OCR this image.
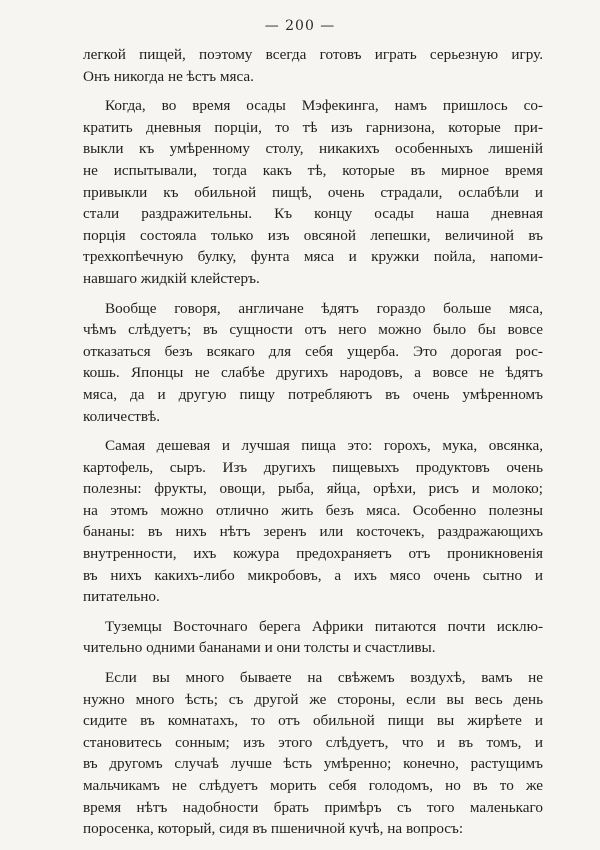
— 200 —
легкой пищей, поэтому всегда готовъ играть серьезную игру.
Онъ никогда не ѣстъ мяса.
Когда, во время осады Мэфекинга, намъ пришлось со-
кратить дневныя порціи, то тѣ изъ гарнизона, которые при-
выкли къ умѣренному столу, никакихъ особенныхъ лишеній
не испытывали, тогда какъ тѣ, которые въ мирное время
привыкли къ обильной пищѣ, очень страдали, ослабѣли и
стали раздражительны. Къ концу осады наша дневная
порція состояла только изъ овсяной лепешки, величиной въ
трехкопѣечную булку, фунта мяса и кружки пойла, напоми-
навшаго жидкій клейстеръ.
Вообще говоря, англичане ѣдятъ гораздо больше мяса,
чѣмъ слѣдуетъ; въ сущности отъ него можно было бы вовсе
отказаться безъ всякаго для себя ущерба. Это дорогая рос-
кошь. Японцы не слабѣе другихъ народовъ, а вовсе не ѣдятъ
мяса, да и другую пищу потребляютъ въ очень умѣренномъ
количествѣ.
Самая дешевая и лучшая пища это: горохъ, мука, овсянка,
картофель, сыръ. Изъ другихъ пищевыхъ продуктовъ очень
полезны: фрукты, овощи, рыба, яйца, орѣхи, рисъ и молоко;
на этомъ можно отлично жить безъ мяса. Особенно полезны
бананы: въ нихъ нѣтъ зеренъ или косточекъ, раздражающихъ
внутренности, ихъ кожура предохраняетъ отъ проникновенія
въ нихъ какихъ-либо микробовъ, а ихъ мясо очень сытно и
питательно.
Туземцы Восточнаго берега Африки питаются почти исклю-
чительно одними бананами и они толсты и счастливы.
Если вы много бываете на свѣжемъ воздухѣ, вамъ не
нужно много ѣсть; съ другой же стороны, если вы весь день
сидите въ комнатахъ, то отъ обильной пищи вы жирѣете и
становитесь сонным; изъ этого слѣдуетъ, что и въ томъ, и
въ другомъ случаѣ лучше ѣсть умѣренно; конечно, растущимъ
мальчикамъ не слѣдуетъ морить себя голодомъ, но въ то же
время нѣтъ надобности брать примѣръ съ того маленькаго
поросенка, который, сидя въ пшеничной кучѣ, на вопросъ:
